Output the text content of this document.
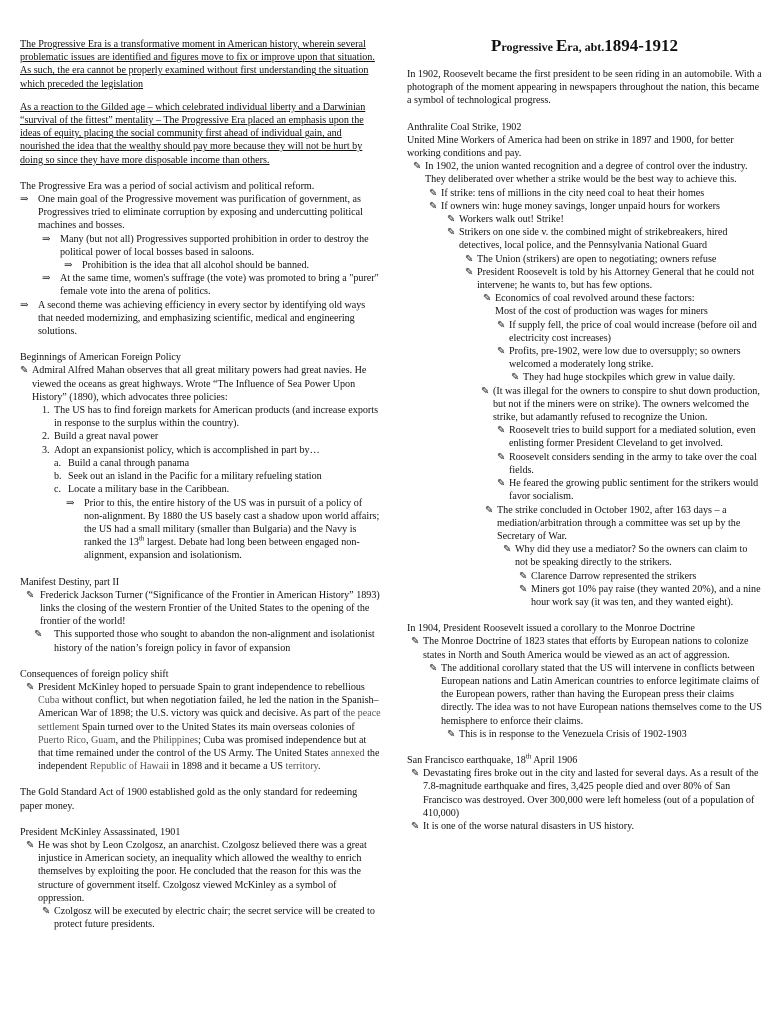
The Progressive Era is a transformative moment in American history, wherein several problematic issues are identified and figures move to fix or improve upon that situation. As such, the era cannot be properly examined without first understanding the situation which preceded the legislation

As a reaction to the Gilded age – which celebrated individual liberty and a Darwinian “survival of the fittest” mentality – The Progressive Era placed an emphasis upon the ideas of equity, placing the social community first ahead of individual gain, and nourished the idea that the wealthy should pay more because they will not be hurt by doing so since they have more disposable income than others.

The Progressive Era was a period of social activism and political reform.

⇒ One main goal of the Progressive movement was purification of government, as Progressives tried to eliminate corruption by exposing and undercutting political machines and bosses.
⇒ Many (but not all) Progressives supported prohibition in order to destroy the political power of local bosses based in saloons.
⇒ Prohibition is the idea that all alcohol should be banned.
⇒ At the same time, women's suffrage (the vote) was promoted to bring a "purer" female vote into the arena of politics.
⇒ A second theme was achieving efficiency in every sector by identifying old ways that needed modernizing, and emphasizing scientific, medical and engineering solutions.

Beginnings of American Foreign Policy

✎ Admiral Alfred Mahan observes that all great military powers had great navies. He viewed the oceans as great highways. Wrote “The Influence of Sea Power Upon History” (1890), which advocates three policies:
1. The US has to find foreign markets for American products (and increase exports in response to the surplus within the country).
2. Build a great naval power
3. Adopt an expansionist policy, which is accomplished in part by…
a. Build a canal through panama
b. Seek out an island in the Pacific for a military refueling station
c. Locate a military base in the Caribbean.
⇒ Prior to this, the entire history of the US was in pursuit of a policy of non-alignment. By 1880 the US basely cast a shadow upon world affairs; the US had a small military (smaller than Bulgaria) and the Navy is ranked the 13th largest. Debate had long been between engaged non-alignment, expansion and isolationism.

Manifest Destiny, part II

✎ Frederick Jackson Turner (“Significance of the Frontier in American History” 1893) links the closing of the western Frontier of the United States to the opening of the frontier of the world!
✎ This supported those who sought to abandon the non-alignment and isolationist history of the nation’s foreign policy in favor of expansion

Consequences of foreign policy shift

✎ President McKinley hoped to persuade Spain to grant independence to rebellious Cuba without conflict, but when negotiation failed, he led the nation in the Spanish–American War of 1898; the U.S. victory was quick and decisive. As part of the peace settlement Spain turned over to the United States its main overseas colonies of Puerto Rico, Guam, and the Philippines; Cuba was promised independence but at that time remained under the control of the US Army. The United States annexed the independent Republic of Hawaii in 1898 and it became a US territory.

The Gold Standard Act of 1900 established gold as the only standard for redeeming paper money.

President McKinley Assassinated, 1901

✎ He was shot by Leon Czolgosz, an anarchist. Czolgosz believed there was a great injustice in American society, an inequality which allowed the wealthy to enrich themselves by exploiting the poor. He concluded that the reason for this was the structure of government itself. Czolgosz viewed McKinley as a symbol of oppression.
✎ Czolgosz will be executed by electric chair; the secret service will be created to protect future presidents.
Progressive Era, abt.1894-1912

In 1902, Roosevelt became the first president to be seen riding in an automobile. With a photograph of the moment appearing in newspapers throughout the nation, this became a symbol of technological progress.

Anthralite Coal Strike, 1902

United Mine Workers of America had been on strike in 1897 and 1900, for better working conditions and pay.

✎ In 1902, the union wanted recognition and a degree of control over the industry. They deliberated over whether a strike would be the best way to achieve this.
✎ If strike: tens of millions in the city need coal to heat their homes
✎ If owners win: huge money savings, longer unpaid hours for workers
✎ Workers walk out! Strike!
✎ Strikers on one side v. the combined might of strikebreakers, hired detectives, local police, and the Pennsylvania National Guard
✎ The Union (strikers) are open to negotiating; owners refuse
✎ President Roosevelt is told by his Attorney General that he could not intervene; he wants to, but has few options.
✎ Economics of coal revolved around these factors:
Most of the cost of production was wages for miners
✎ If supply fell, the price of coal would increase (before oil and electricity cost increases)
✎ Profits, pre-1902, were low due to oversupply; so owners welcomed a moderately long strike.
✎ They had huge stockpiles which grew in value daily.
✎ (It was illegal for the owners to conspire to shut down production, but not if the miners were on strike). The owners welcomed the strike, but adamantly refused to recognize the Union.
✎ Roosevelt tries to build support for a mediated solution, even enlisting former President Cleveland to get involved.
✎ Roosevelt considers sending in the army to take over the coal fields.
✎ He feared the growing public sentiment for the strikers would favor socialism.
✎ The strike concluded in October 1902, after 163 days – a mediation/arbitration through a committee was set up by the Secretary of War.
✎ Why did they use a mediator? So the owners can claim to not be speaking directly to the strikers.
✎ Clarence Darrow represented the strikers
✎ Miners got 10% pay raise (they wanted 20%), and a nine hour work say (it was ten, and they wanted eight).

In 1904, President Roosevelt issued a corollary to the Monroe Doctrine

✎ The Monroe Doctrine of 1823 states that efforts by European nations to colonize states in North and South America would be viewed as an act of aggression.
✎ The additional corollary stated that the US will intervene in conflicts between European nations and Latin American countries to enforce legitimate claims of the European powers, rather than having the European press their claims directly. The idea was to not have European nations themselves come to the US hemisphere to enforce their claims.
✎ This is in response to the Venezuela Crisis of 1902-1903

San Francisco earthquake, 18th April 1906

✎ Devastating fires broke out in the city and lasted for several days. As a result of the 7.8-magnitude earthquake and fires, 3,425 people died and over 80% of San Francisco was destroyed. Over 300,000 were left homeless (out of a population of 410,000)
✎ It is one of the worse natural disasters in US history.
